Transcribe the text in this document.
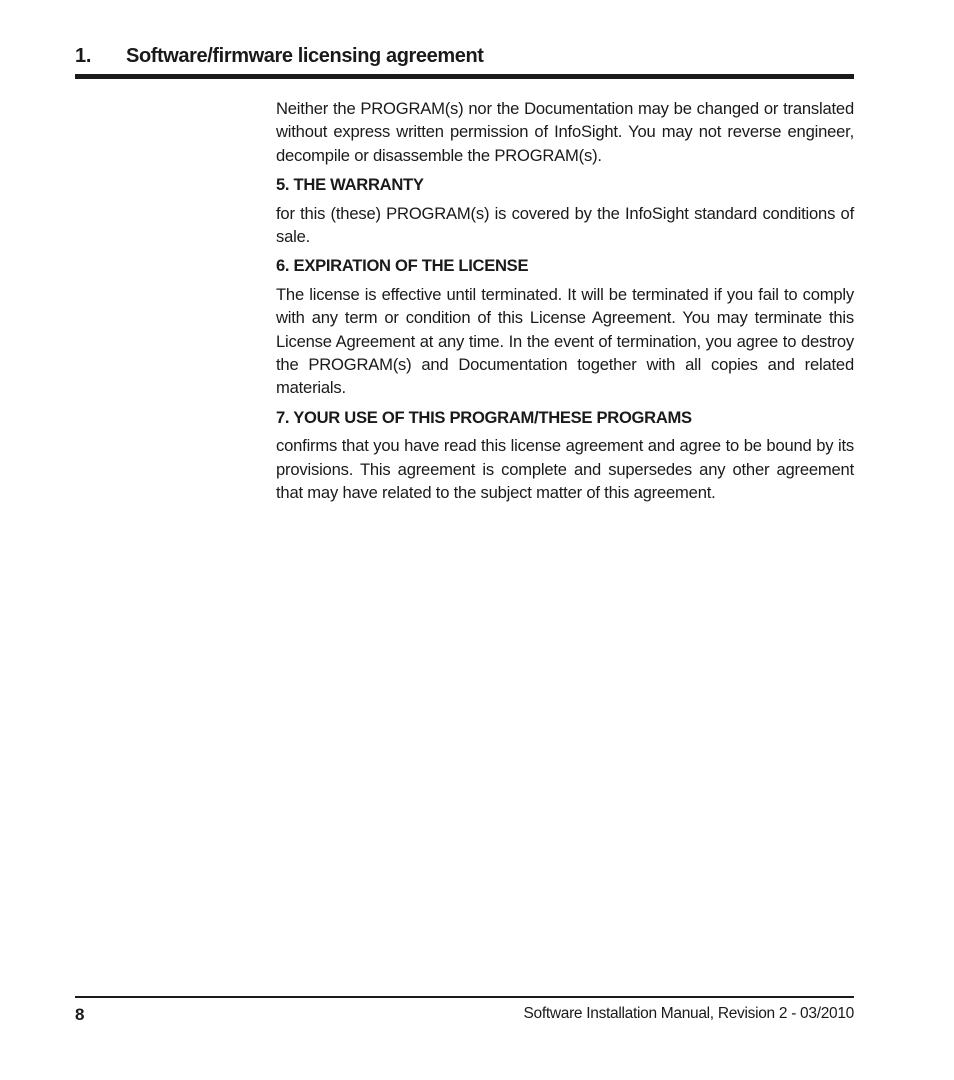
1. Software/firmware licensing agreement

Neither the PROGRAM(s) nor the Documentation may be changed or translated without express written permission of InfoSight. You may not reverse engineer, decompile or disassemble the PROGRAM(s).

5. THE WARRANTY

for this (these) PROGRAM(s) is covered by the InfoSight standard conditions of sale.

6. EXPIRATION OF THE LICENSE

The license is effective until terminated. It will be terminated if you fail to comply with any term or condition of this License Agreement. You may terminate this License Agreement at any time. In the event of termination, you agree to destroy the PROGRAM(s) and Documentation together with all copies and related materials.

7. YOUR USE OF THIS PROGRAM/THESE PROGRAMS

confirms that you have read this license agreement and agree to be bound by its provisions. This agreement is complete and supersedes any other agreement that may have related to the subject matter of this agreement.

8	Software Installation Manual, Revision 2 - 03/2010
